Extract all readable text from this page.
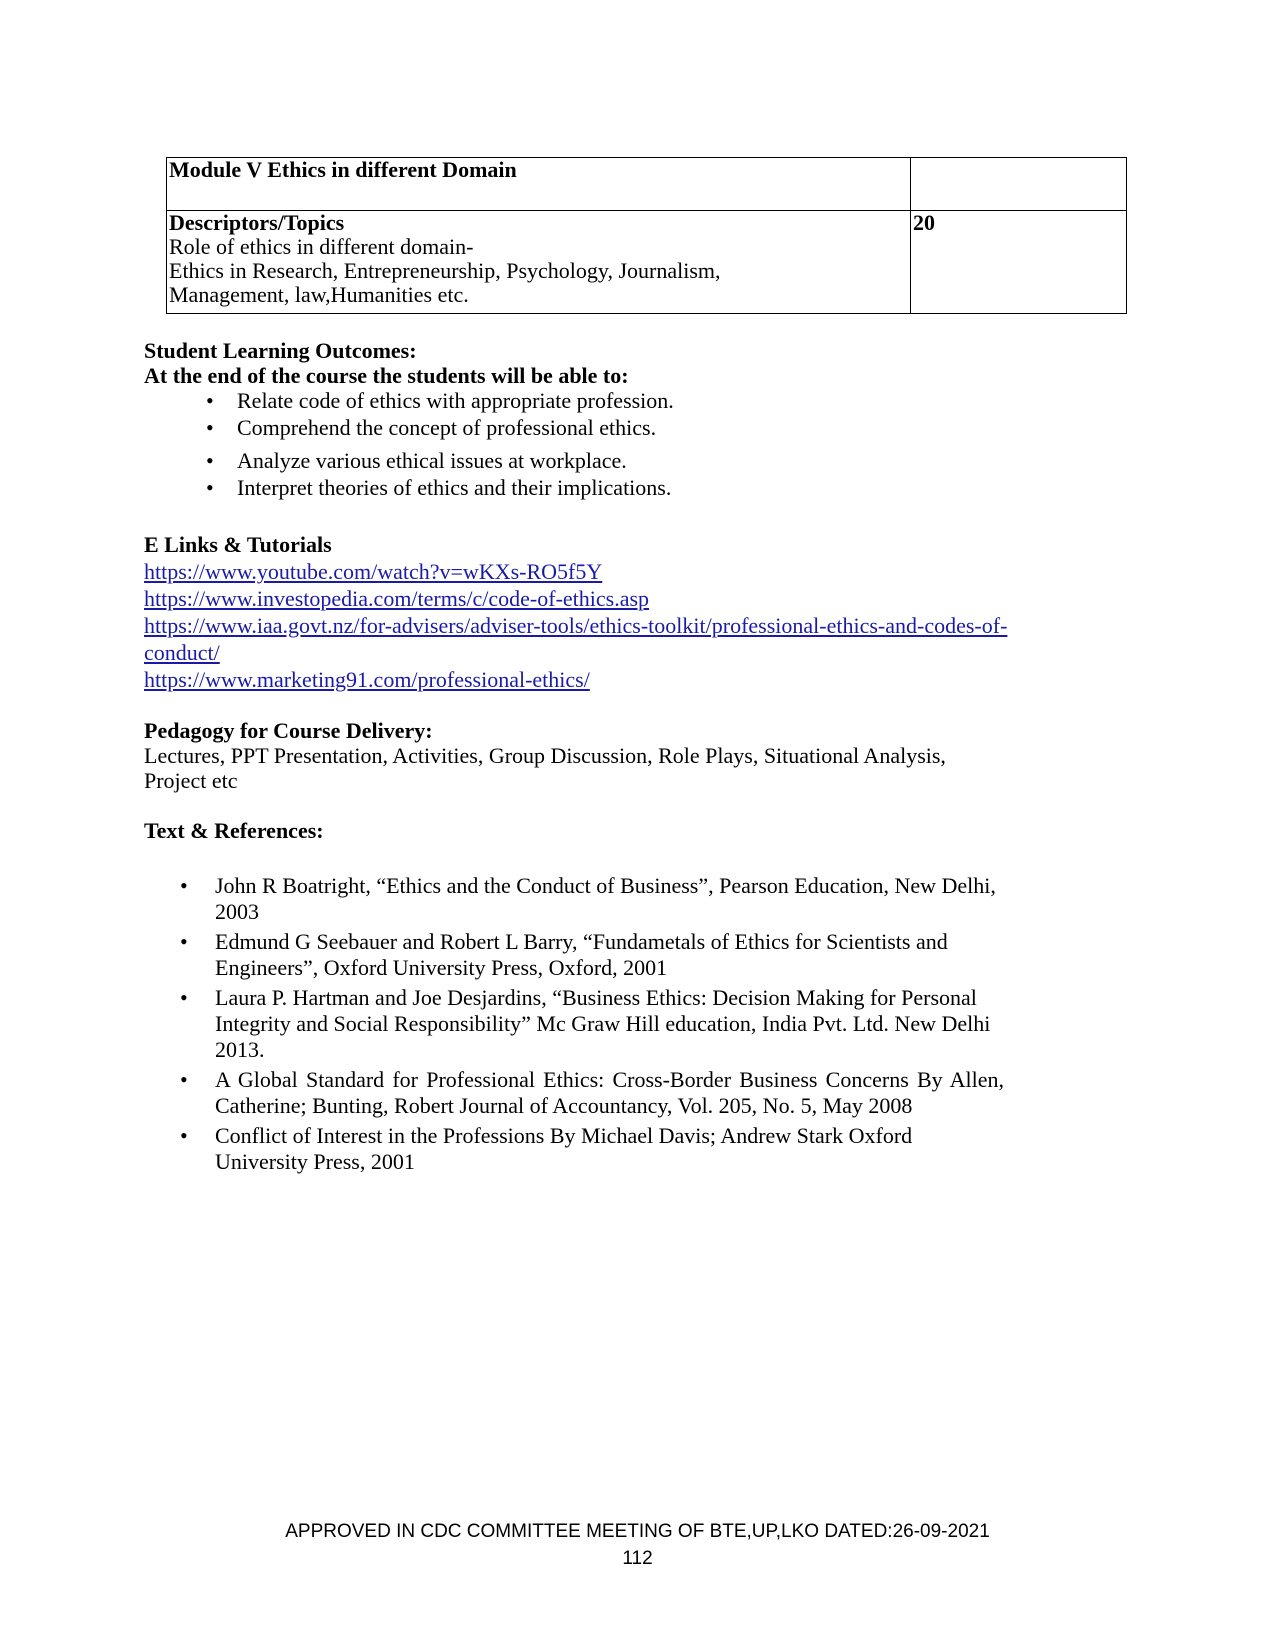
Module V Ethics in different Domain	

Descriptors/Topics
Role of ethics in different domain-
Ethics in Research, Entrepreneurship, Psychology, Journalism,
Management, law,Humanities etc.	20
Student Learning Outcomes:
At the end of the course the students will be able to:
• Relate code of ethics with appropriate profession.
• Comprehend the concept of professional ethics.
• Analyze various ethical issues at workplace.
• Interpret theories of ethics and their implications.
E Links & Tutorials
https://www.youtube.com/watch?v=wKXs-RO5f5Y
https://www.investopedia.com/terms/c/code-of-ethics.asp
https://www.iaa.govt.nz/for-advisers/adviser-tools/ethics-toolkit/professional-ethics-and-codes-of-
conduct/
https://www.marketing91.com/professional-ethics/
Pedagogy for Course Delivery:
Lectures, PPT Presentation, Activities, Group Discussion, Role Plays, Situational Analysis,
Project etc
Text & References:
• John R Boatright, “Ethics and the Conduct of Business”, Pearson Education, New Delhi, 2003
• Edmund G Seebauer and Robert L Barry, “Fundametals of Ethics for Scientists and Engineers”, Oxford University Press, Oxford, 2001
• Laura P. Hartman and Joe Desjardins, “Business Ethics: Decision Making for Personal Integrity and Social Responsibility” Mc Graw Hill education, India Pvt. Ltd. New Delhi 2013.
• A Global Standard for Professional Ethics: Cross-Border Business Concerns By Allen, Catherine; Bunting, Robert Journal of Accountancy, Vol. 205, No. 5, May 2008
• Conflict of Interest in the Professions By Michael Davis; Andrew Stark Oxford University Press, 2001
APPROVED IN CDC COMMITTEE MEETING OF BTE,UP,LKO DATED:26-09-2021
112
